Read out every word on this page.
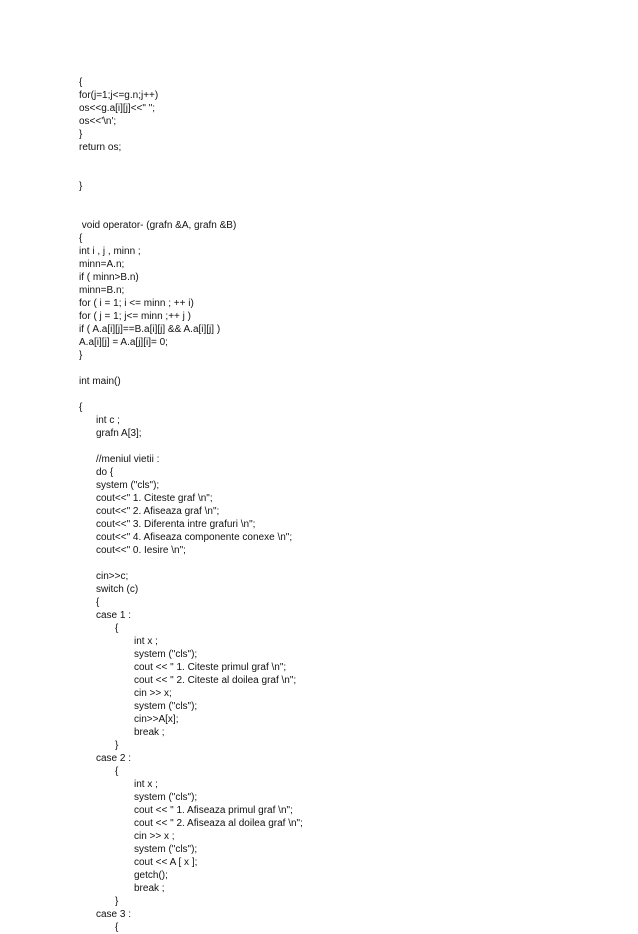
{
for(j=1;j<=g.n;j++)
os<<g.a[i][j]<<" ";
os<<'\n';
}
return os;
}
void operator- (grafn &A, grafn &B)
{
int i , j , minn ;
minn=A.n;
if ( minn>B.n)
minn=B.n;
for ( i = 1; i <= minn ; ++ i)
for ( j = 1; j<= minn ;++ j )
if ( A.a[i][j]==B.a[i][j] && A.a[i][j] )
A.a[i][j] = A.a[j][i]= 0;
}
int main()
{
int c ;
grafn A[3];
//meniul vietii :
do {
system ("cls");
cout<<" 1. Citeste graf \n";
cout<<" 2. Afiseaza graf \n";
cout<<" 3. Diferenta intre grafuri \n";
cout<<" 4. Afiseaza componente conexe \n";
cout<<" 0. Iesire \n";
cin>>c;
switch (c)
{
case 1 :
{
int x ;
system ("cls");
cout << " 1. Citeste primul graf \n";
cout << " 2. Citeste al doilea graf \n";
cin >> x;
system ("cls");
cin>>A[x];
break ;
}
case 2 :
{
int x ;
system ("cls");
cout << " 1. Afiseaza primul graf \n";
cout << " 2. Afiseaza al doilea graf \n";
cin >> x ;
system ("cls");
cout << A [ x ];
getch();
break ;
}
case 3 :
{
